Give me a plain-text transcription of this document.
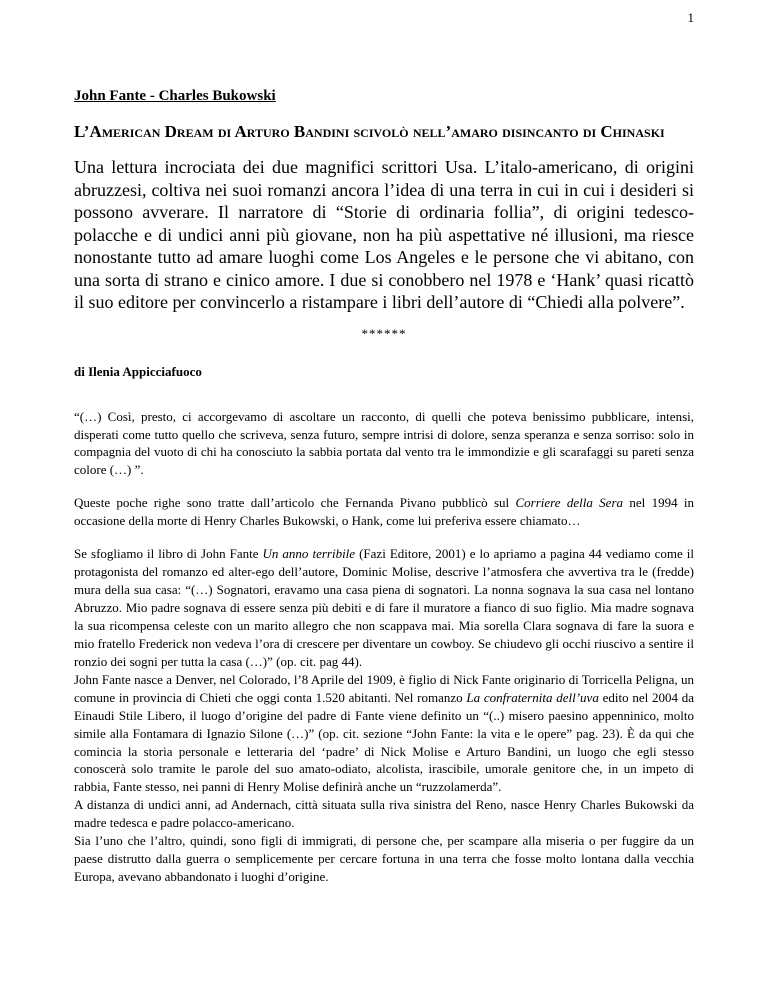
1

John Fante - Charles Bukowski

L’American Dream di Arturo Bandini scivolò nell’amaro disincanto di Chinaski

Una lettura incrociata dei due magnifici scrittori Usa. L’italo-americano, di origini abruzzesi, coltiva nei suoi romanzi ancora l’idea di una terra in cui in cui i desideri si possono avverare. Il narratore di “Storie di ordinaria follia”, di origini tedesco-polacche e di undici anni più giovane, non ha più aspettative né illusioni, ma riesce nonostante tutto ad amare luoghi come Los Angeles e le persone che vi abitano, con una sorta di strano e cinico amore. I due si conobbero nel 1978 e ‘Hank’ quasi ricattò il suo editore per convincerlo a ristampare i libri dell’autore di “Chiedi alla polvere”.

******

di Ilenia Appicciafuoco

“(…) Così, presto, ci accorgevamo di ascoltare un racconto, di quelli che poteva benissimo pubblicare, intensi, disperati come tutto quello che scriveva, senza futuro, sempre intrisi di dolore, senza speranza e senza sorriso: solo in compagnia del vuoto di chi ha conosciuto la sabbia portata dal vento tra le immondizie e gli scarafaggi su pareti senza colore (…) ”.

Queste poche righe sono tratte dall’articolo che Fernanda Pivano pubblicò sul Corriere della Sera nel 1994 in occasione della morte di Henry Charles Bukowski, o Hank, come lui preferiva essere chiamato…

Se sfogliamo il libro di John Fante Un anno terribile (Fazi Editore, 2001) e lo apriamo a pagina 44 vediamo come il protagonista del romanzo ed alter-ego dell’autore, Dominic Molise, descrive l’atmosfera che avvertiva tra le (fredde) mura della sua casa: “(…) Sognatori, eravamo una casa piena di sognatori. La nonna sognava la sua casa nel lontano Abruzzo. Mio padre sognava di essere senza più debiti e di fare il muratore a fianco di suo figlio. Mia madre sognava la sua ricompensa celeste con un marito allegro che non scappava mai. Mia sorella Clara sognava di fare la suora e mio fratello Frederick non vedeva l’ora di crescere per diventare un cowboy. Se chiudevo gli occhi riuscivo a sentire il ronzio dei sogni per tutta la casa (…)” (op. cit. pag 44).

John Fante nasce a Denver, nel Colorado, l’8 Aprile del 1909, è figlio di Nick Fante originario di Torricella Peligna, un comune in provincia di Chieti che oggi conta 1.520 abitanti. Nel romanzo La confraternita dell’uva edito nel 2004 da Einaudi Stile Libero, il luogo d’origine del padre di Fante viene definito un “(..) misero paesino appenninico, molto simile alla Fontamara di Ignazio Silone (…)” (op. cit. sezione “John Fante: la vita e le opere” pag. 23). È da qui che comincia la storia personale e letteraria del ‘padre’ di Nick Molise e Arturo Bandini, un luogo che egli stesso conoscerà solo tramite le parole del suo amato-odiato, alcolista, irascibile, umorale genitore che, in un impeto di rabbia, Fante stesso, nei panni di Henry Molise definirà anche un “ruzzolamerda”.

A distanza di undici anni, ad Andernach, città situata sulla riva sinistra del Reno, nasce Henry Charles Bukowski da madre tedesca e padre polacco-americano.

Sia l’uno che l’altro, quindi, sono figli di immigrati, di persone che, per scampare alla miseria o per fuggire da un paese distrutto dalla guerra o semplicemente per cercare fortuna in una terra che fosse molto lontana dalla vecchia Europa, avevano abbandonato i luoghi d’origine.
